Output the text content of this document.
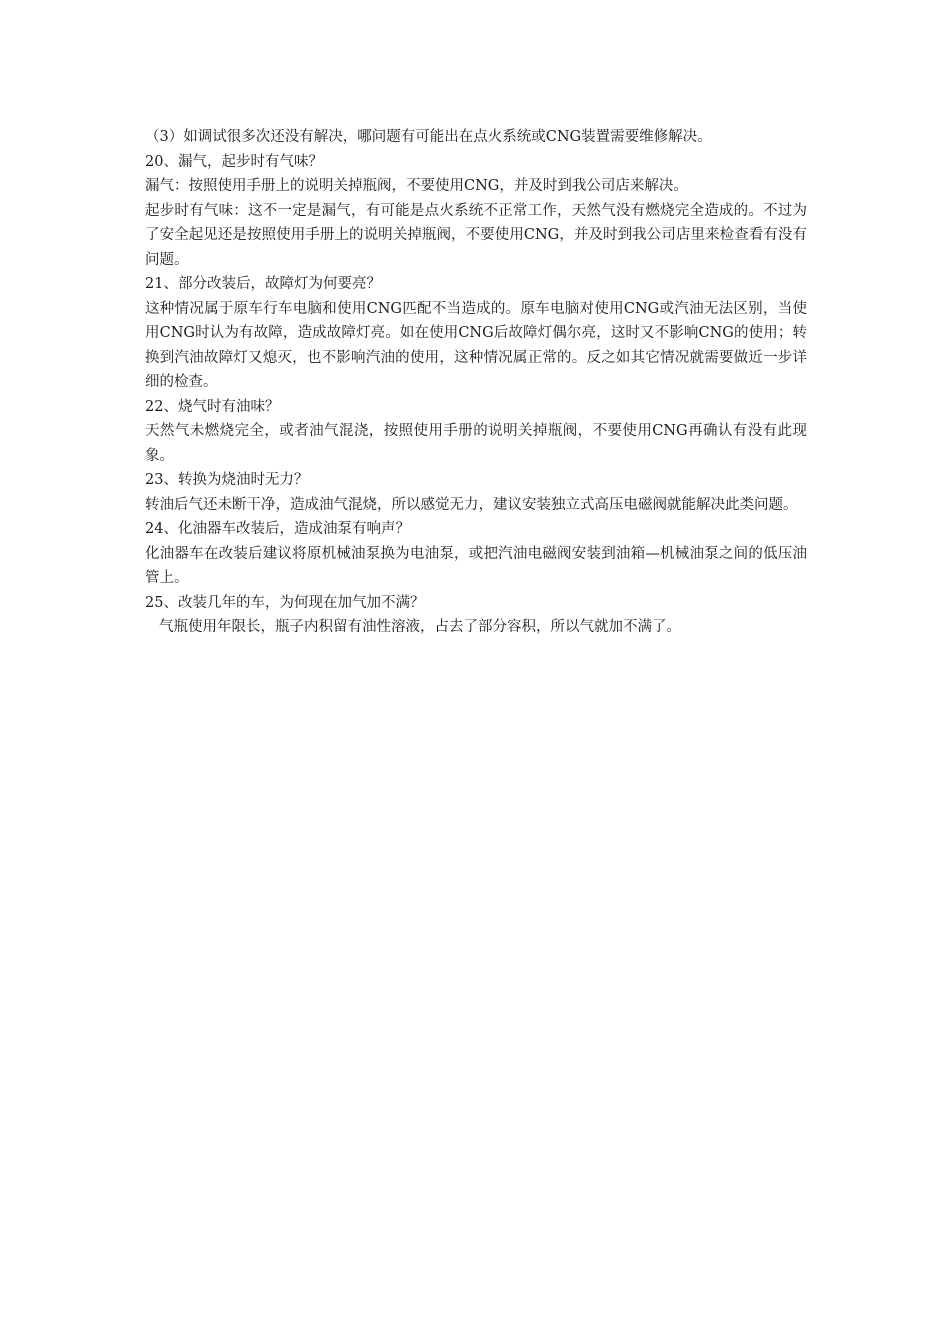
（3）如调试很多次还没有解决，哪问题有可能出在点火系统或CNG装置需要维修解决。

20、漏气，起步时有气味？

漏气：按照使用手册上的说明关掉瓶阀，不要使用CNG，并及时到我公司店来解决。

起步时有气味：这不一定是漏气，有可能是点火系统不正常工作，天然气没有燃烧完全造成的。不过为了安全起见还是按照使用手册上的说明关掉瓶阀，不要使用CNG，并及时到我公司店里来检查看有没有问题。

21、部分改装后，故障灯为何要亮？

这种情况属于原车行车电脑和使用CNG匹配不当造成的。原车电脑对使用CNG或汽油无法区别，当使用CNG时认为有故障，造成故障灯亮。如在使用CNG后故障灯偶尔亮，这时又不影响CNG的使用；转换到汽油故障灯又熄灭，也不影响汽油的使用，这种情况属正常的。反之如其它情况就需要做近一步详细的检查。

22、烧气时有油味？

天然气未燃烧完全，或者油气混浇，按照使用手册的说明关掉瓶阀，不要使用CNG再确认有没有此现象。

23、转换为烧油时无力？

转油后气还未断干净，造成油气混烧，所以感觉无力，建议安装独立式高压电磁阀就能解决此类问题。

24、化油器车改装后，造成油泵有响声？

化油器车在改装后建议将原机械油泵换为电油泵，或把汽油电磁阀安装到油箱—机械油泵之间的低压油管上。

25、改装几年的车，为何现在加气加不满？

气瓶使用年限长，瓶子内积留有油性溶液，占去了部分容积，所以气就加不满了。
